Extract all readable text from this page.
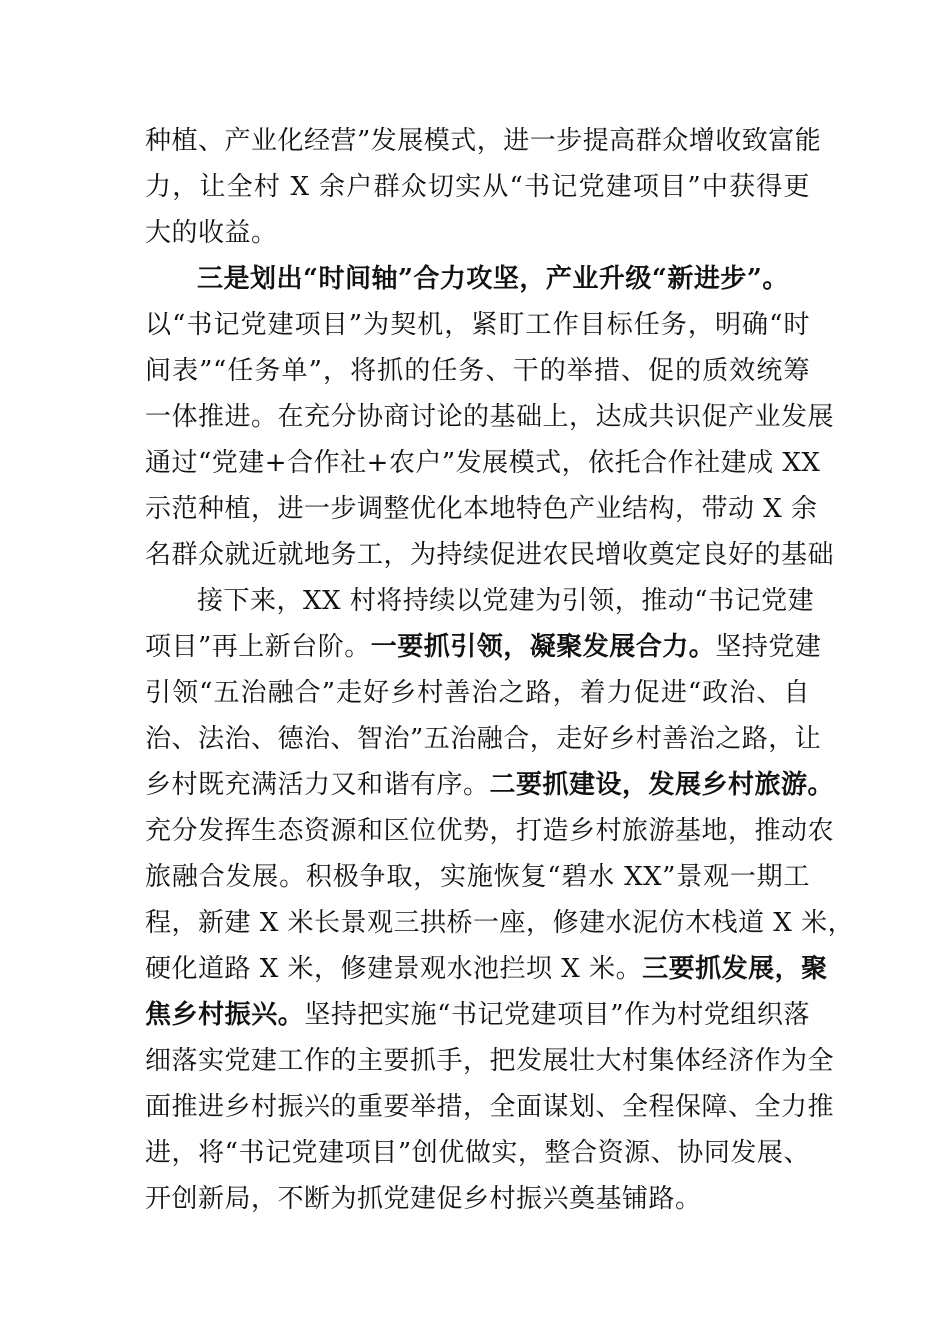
种植、产业化经营”发展模式，进一步提高群众增收致富能
力，让全村 X 余户群众切实从“书记党建项目”中获得更
大的收益。
三是划出“时间轴”合力攻坚，产业升级“新进步”。
以“书记党建项目”为契机，紧盯工作目标任务，明确“时
间表”“任务单”，将抓的任务、干的举措、促的质效统筹
一体推进。在充分协商讨论的基础上，达成共识促产业发展
通过“党建+合作社+农户”发展模式，依托合作社建成 XX
示范种植，进一步调整优化本地特色产业结构，带动 X 余
名群众就近就地务工，为持续促进农民增收奠定良好的基础
接下来，XX 村将持续以党建为引领，推动“书记党建
项目”再上新台阶。一要抓引领，凝聚发展合力。坚持党建
引领“五治融合”走好乡村善治之路，着力促进“政治、自
治、法治、德治、智治”五治融合，走好乡村善治之路，让
乡村既充满活力又和谐有序。二要抓建设，发展乡村旅游。
充分发挥生态资源和区位优势，打造乡村旅游基地，推动农
旅融合发展。积极争取，实施恢复“碧水 XX”景观一期工
程，新建 X 米长景观三拱桥一座，修建水泥仿木栈道 X 米，
硬化道路 X 米，修建景观水池拦坝 X 米。三要抓发展，聚
焦乡村振兴。坚持把实施“书记党建项目”作为村党组织落
细落实党建工作的主要抓手，把发展壮大村集体经济作为全
面推进乡村振兴的重要举措，全面谋划、全程保障、全力推
进，将“书记党建项目”创优做实，整合资源、协同发展、
开创新局，不断为抓党建促乡村振兴奠基铺路。
